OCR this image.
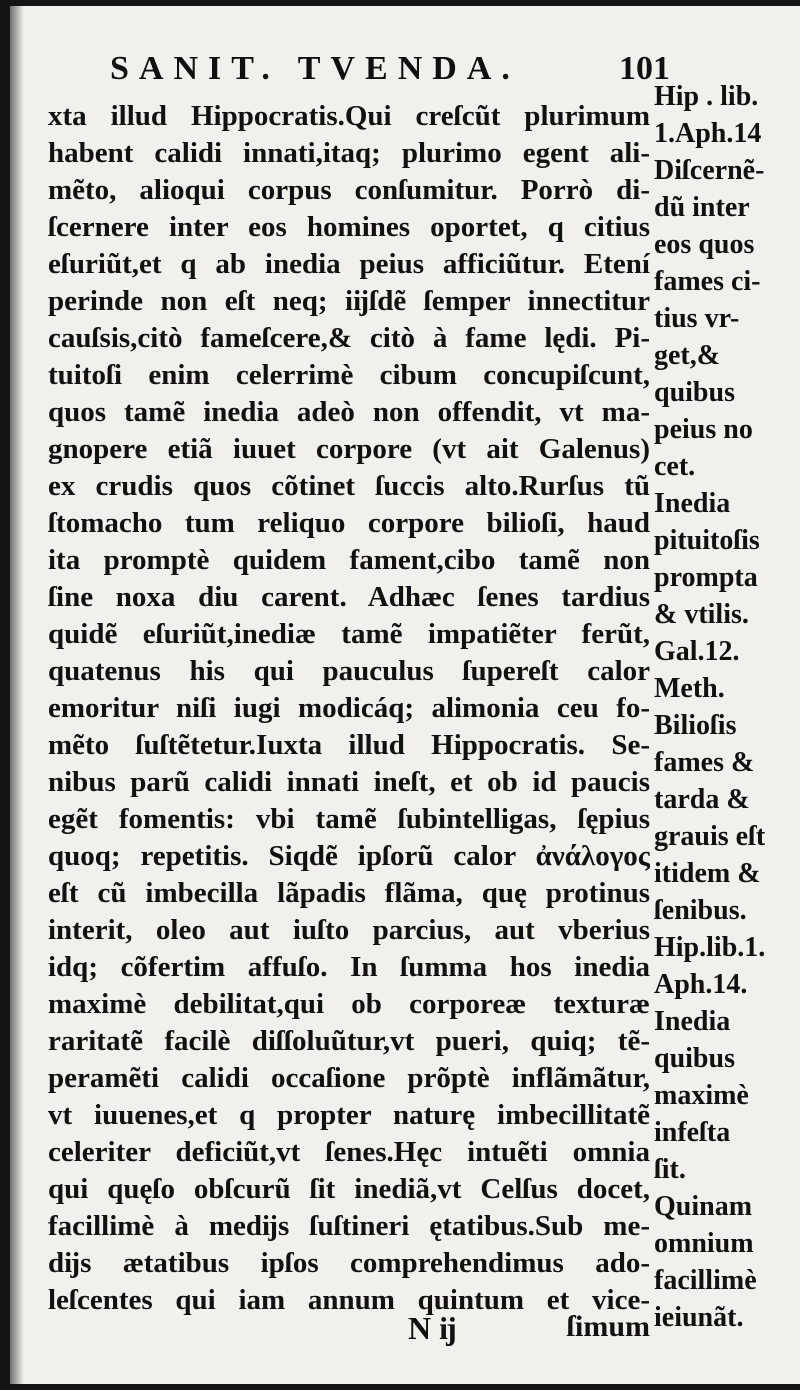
SANIT. TVENDA.	101
xta illud Hippocratis.Qui creſcũt plurimum
habent calidi innati,itaq; plurimo egent ali-
mẽto, alioqui corpus conſumitur. Porrò di-
ſcernere inter eos homines oportet, q citius
eſuriũt,et q ab inedia peius afficiũtur. Etení
perinde non eſt neq; iĳſdẽ ſemper innectitur
cauſsis,citò fameſcere,& citò à fame lędi. Pi-
tuitoſi enim celerrimè cibum concupiſcunt,
quos tamẽ inedia adeò non offendit, vt ma-
gnopere etiã iuuet corpore (vt ait Galenus)
ex crudis quos cõtinet ſuccis alto.Rurſus tũ
ſtomacho tum reliquo corpore bilioſi, haud
ita promptè quidem fament,cibo tamẽ non
ſine noxa diu carent. Adhæc ſenes tardius
quidẽ eſuriũt,inediæ tamẽ impatiẽter ferũt,
quatenus his qui pauculus ſupereſt calor
emoritur niſi iugi modicáq; alimonia ceu fo-
mẽto ſuſtẽtetur.Iuxta illud Hippocratis. Se-
nibus parũ calidi innati ineſt, et ob id paucis
egẽt fomentis: vbi tamẽ ſubintelligas, ſępius
quoq; repetitis. Siqdẽ ipſorũ calor ἀνάλογος
eſt cũ imbecilla lãpadis flãma, quę protinus
interit, oleo aut iuſto parcius, aut vberius
idq; cõfertim affuſo. In ſumma hos inedia
maximè debilitat,qui ob corporeæ texturæ
raritatẽ facilè diſſoluũtur,vt pueri, quiq; tẽ-
peramẽti calidi occaſione prõptè inflãmãtur,
vt iuuenes,et q propter naturę imbecillitatẽ
celeriter deficiũt,vt ſenes.Hęc intuẽti omnia
qui quęſo obſcurũ ſit inediã,vt Celſus docet,
facillimè à medĳs ſuſtineri ętatibus.Sub me-
dĳs ætatibus ipſos comprehendimus ado-
leſcentes qui iam annum quintum et vice-
Hip . lib.
1.Aph.14
Diſcernẽ-
dũ inter
eos quos
fames ci-
tius vr-
get,&
quibus
peius no
cet.
Inedia
pituitoſis
prompta
& vtilis.
Gal.12.
Meth.
Bilioſis
fames &
tarda &
grauis eſt
itidem &
ſenibus.
Hip.lib.1.
Aph.14.
Inedia
quibus
maximè
infeſta
ſit.
Quinam
omnium
facillimè
ieiunãt.
N ĳ	ſimum
